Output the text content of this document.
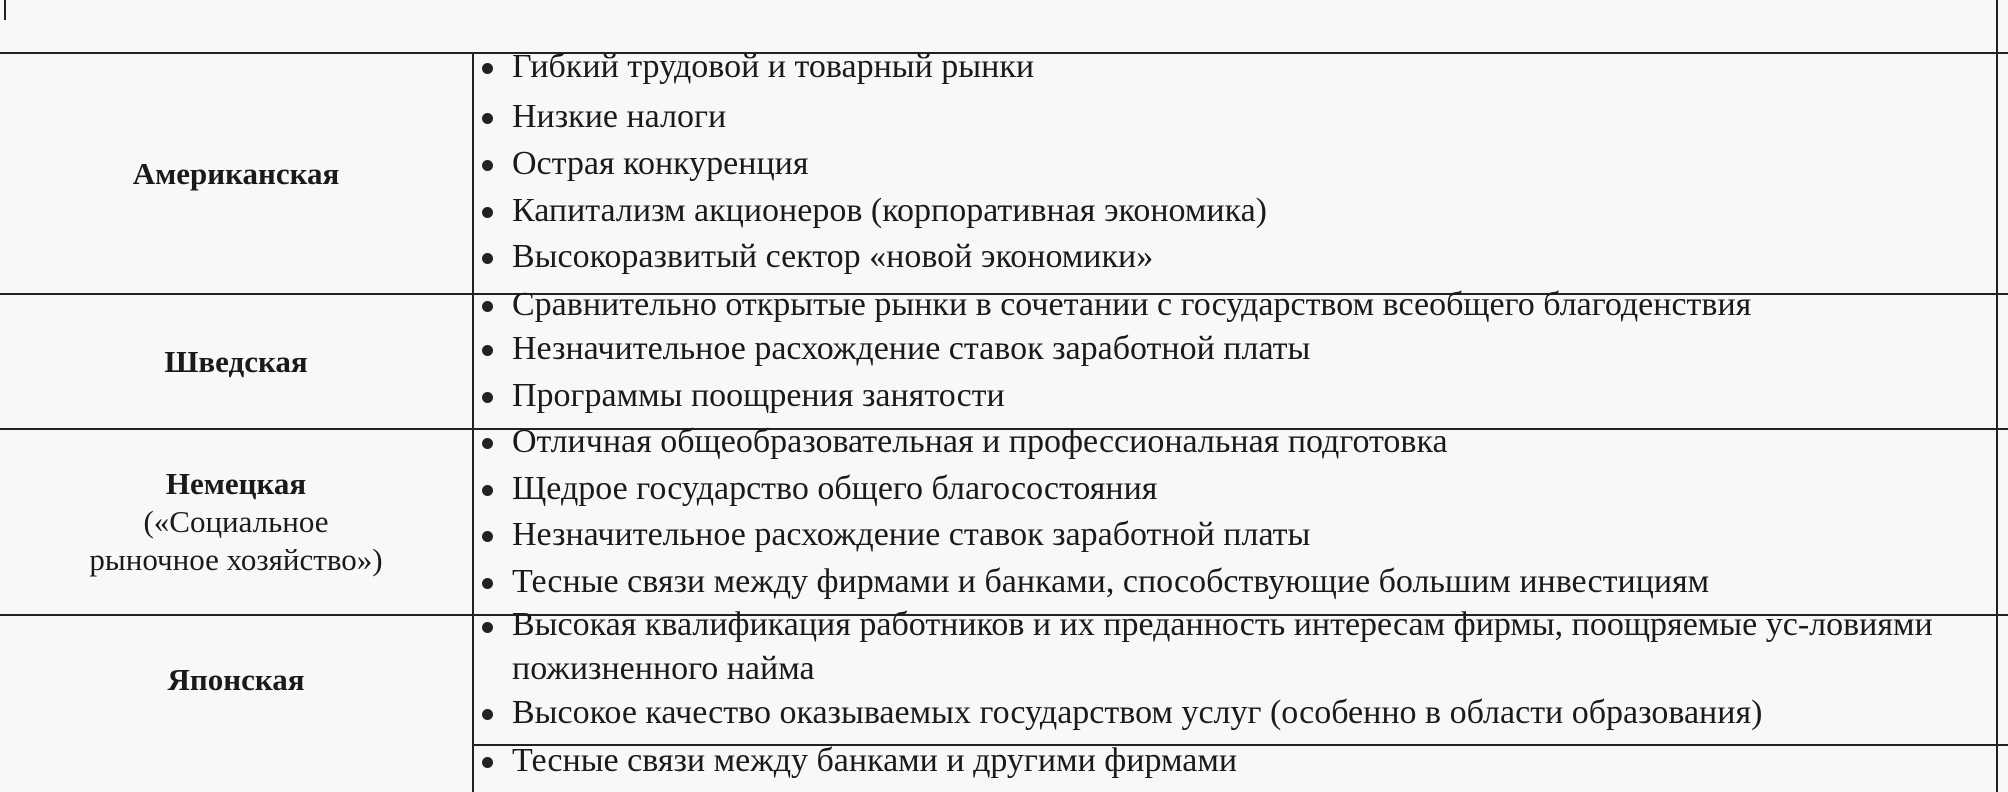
Американская
Гибкий трудовой и товарный рынки
Низкие налоги
Острая конкуренция
Капитализм акционеров (корпоративная экономика)
Высокоразвитый сектор «новой экономики»
Шведская
Сравнительно открытые рынки в сочетании с государством всеобщего благоденствия
Незначительное расхождение ставок заработной платы
Программы поощрения занятости
Немецкая
(«Социальное рыночное хозяйство»)
Отличная общеобразовательная и профессиональная подготовка
Щедрое государство общего благосостояния
Незначительное расхождение ставок заработной платы
Тесные связи между фирмами и банками, способствующие большим инвестициям
Японская
Высокая квалификация работников и их преданность интересам фирмы, поощряемые ус-ловиями пожизненного найма
Высокое качество оказываемых государством услуг (особенно в области образования)
Тесные связи между банками и другими фирмами
